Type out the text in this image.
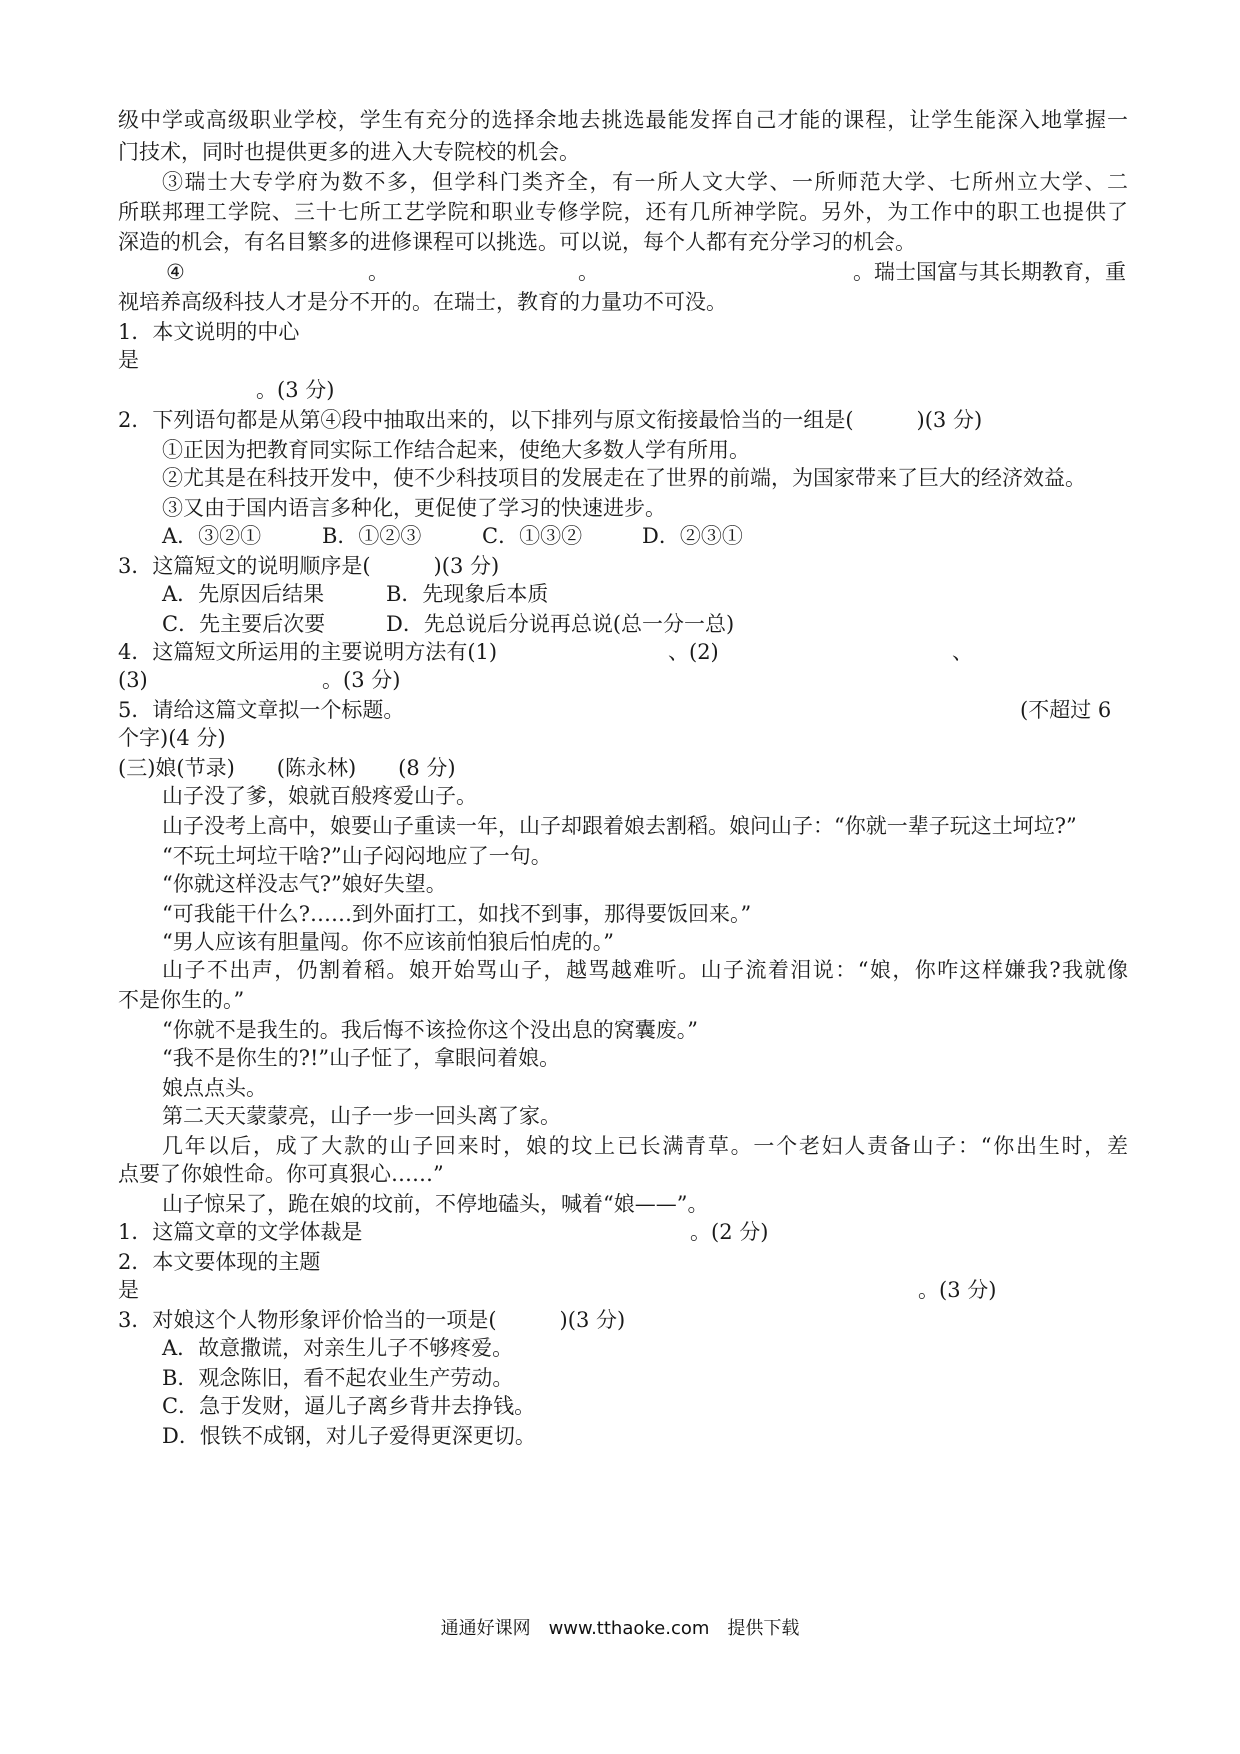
级中学或高级职业学校，学生有充分的选择余地去挑选最能发挥自己才能的课程，让学生能深入地掌握一
门技术，同时也提供更多的进入大专院校的机会。
③瑞士大专学府为数不多，但学科门类齐全，有一所人文大学、一所师范大学、七所州立大学、二
所联邦理工学院、三十七所工艺学院和职业专修学院，还有几所神学院。另外，为工作中的职工也提供了
深造的机会，有名目繁多的进修课程可以挑选。可以说，每个人都有充分学习的机会。
④	。	。	。瑞士国富与其长期教育，重
视培养高级科技人才是分不开的。在瑞士，教育的力量功不可没。
1．本文说明的中心
是
。(3 分)
2．下列语句都是从第④段中抽取出来的，以下排列与原文衔接最恰当的一组是(　　　)(3 分)
①正因为把教育同实际工作结合起来，使绝大多数人学有所用。
②尤其是在科技开发中，使不少科技项目的发展走在了世界的前端，为国家带来了巨大的经济效益。
③又由于国内语言多种化，更促使了学习的快速进步。
A．③②①	B．①②③	C．①③②	D．②③①
3．这篇短文的说明顺序是(　　　)(3 分)
A．先原因后结果	B．先现象后本质
C．先主要后次要	D．先总说后分说再总说(总一分一总)
4．这篇短文所运用的主要说明方法有(1)	、(2)	、
(3)	。(3 分)
5．请给这篇文章拟一个标题。	(不超过 6
个字)(4 分)
(三)娘(节录)　　(陈永林)　　(8 分)
山子没了爹，娘就百般疼爱山子。
山子没考上高中，娘要山子重读一年，山子却跟着娘去割稻。娘问山子：“你就一辈子玩这土坷垃?”
“不玩土坷垃干啥?”山子闷闷地应了一句。
“你就这样没志气?”娘好失望。
“可我能干什么?……到外面打工，如找不到事，那得要饭回来。”
“男人应该有胆量闯。你不应该前怕狼后怕虎的。”
山子不出声，仍割着稻。娘开始骂山子，越骂越难听。山子流着泪说：“娘，你咋这样嫌我?我就像
不是你生的。”
“你就不是我生的。我后悔不该捡你这个没出息的窝囊废。”
“我不是你生的?!”山子怔了，拿眼问着娘。
娘点点头。
第二天天蒙蒙亮，山子一步一回头离了家。
几年以后，成了大款的山子回来时，娘的坟上已长满青草。一个老妇人责备山子：“你出生时，差
点要了你娘性命。你可真狠心……”
山子惊呆了，跪在娘的坟前，不停地磕头，喊着“娘——”。
1．这篇文章的文学体裁是	。(2 分)
2．本文要体现的主题
是	。(3 分)
3．对娘这个人物形象评价恰当的一项是(　　　)(3 分)
A．故意撒谎，对亲生儿子不够疼爱。
B．观念陈旧，看不起农业生产劳动。
C．急于发财，逼儿子离乡背井去挣钱。
D．恨铁不成钢，对儿子爱得更深更切。
通通好课网　www.tthaoke.com　提供下载
